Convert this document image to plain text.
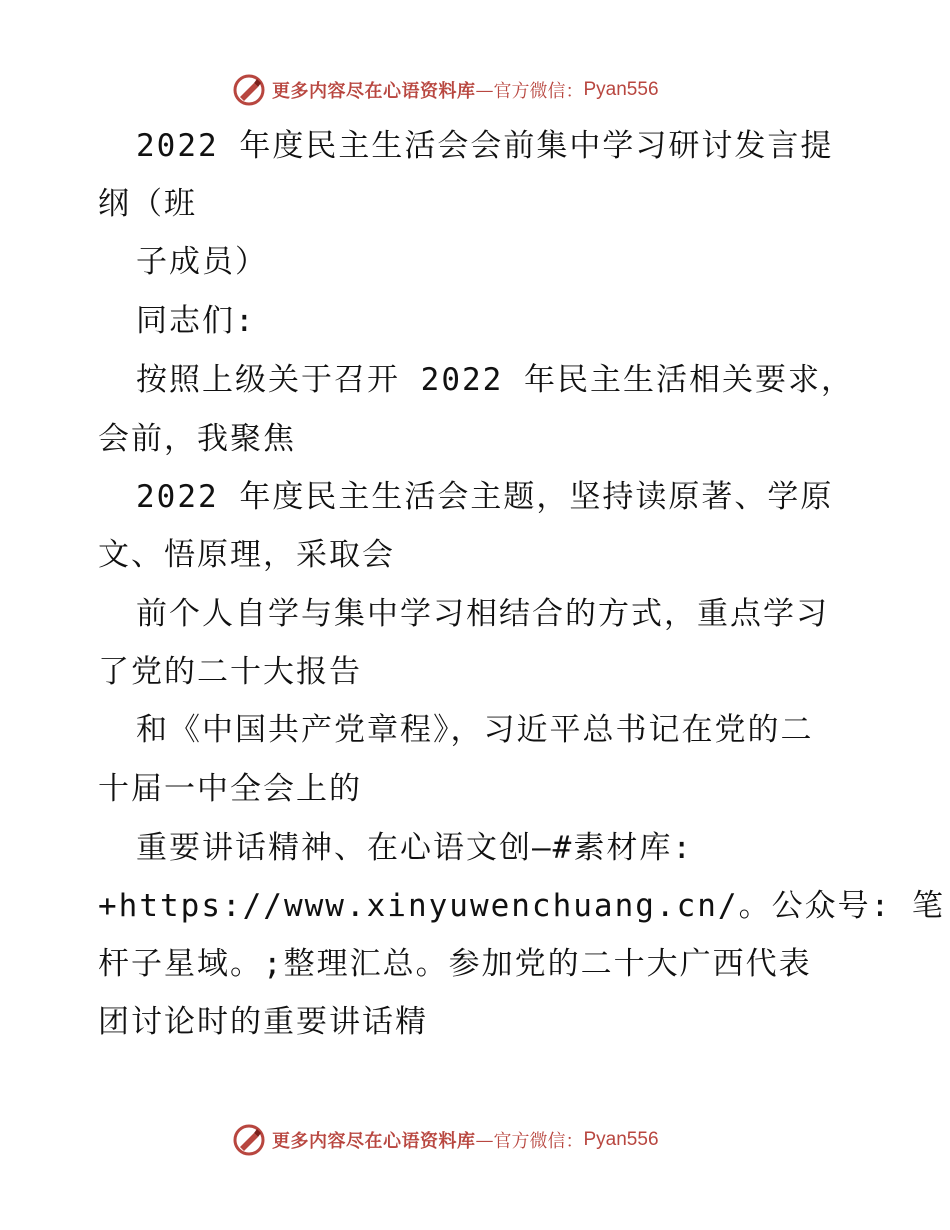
更多内容尽在心语资料库 — 官方微信： Pyan556
2022 年度民主生活会会前集中学习研讨发言提
纲（班
子成员）
同志们:
按照上级关于召开 2022 年民主生活相关要求，
会前，我聚焦
2022 年度民主生活会主题，坚持读原著、学原
文、悟原理，采取会
前个人自学与集中学习相结合的方式，重点学习
了党的二十大报告
和《中国共产党章程》，习近平总书记在党的二
十届一中全会上的
重要讲话精神、在心语文创—#素材库:
+https://www.xinyuwenchuang.cn/。公众号: 笔
杆子星域。;整理汇总。参加党的二十大广西代表
团讨论时的重要讲话精
更多内容尽在心语资料库 — 官方微信： Pyan556
